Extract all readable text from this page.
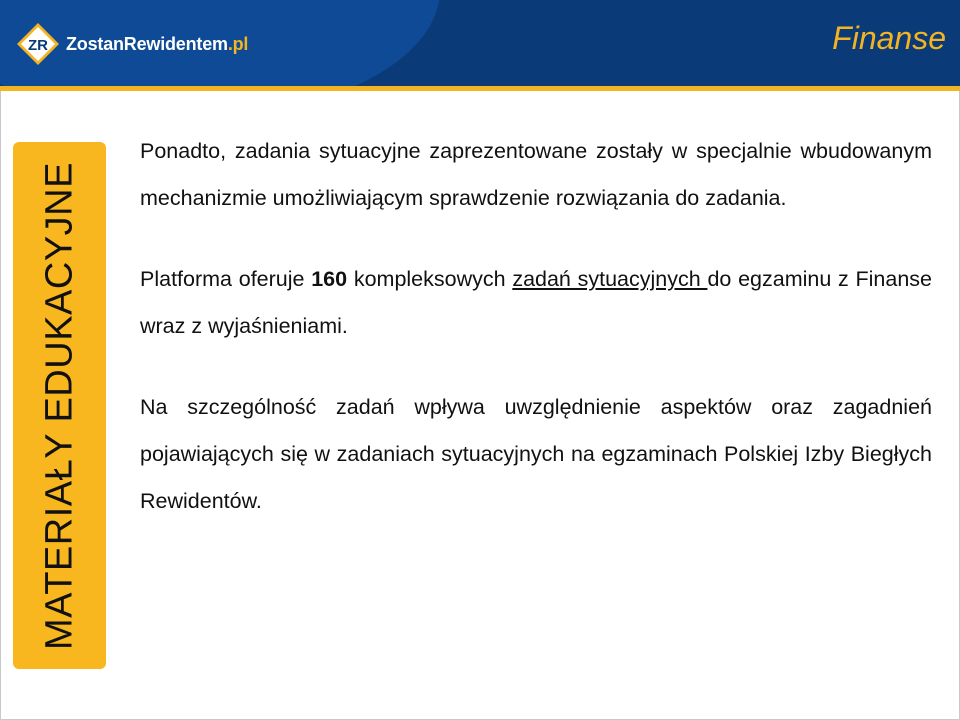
ZR ZostanRewidentem.pl	Finanse
MATERIAŁY EDUKACYJNE

Ponadto, zadania sytuacyjne zaprezentowane zostały w specjalnie wbudowanym mechanizmie umożliwiającym sprawdzenie rozwiązania do zadania.

Platforma oferuje 160 kompleksowych zadań sytuacyjnych do egzaminu z Finanse wraz z wyjaśnieniami.

Na szczególność zadań wpływa uwzględnienie aspektów oraz zagadnień pojawiających się w zadaniach sytuacyjnych na egzaminach Polskiej Izby Biegłych Rewidentów.
